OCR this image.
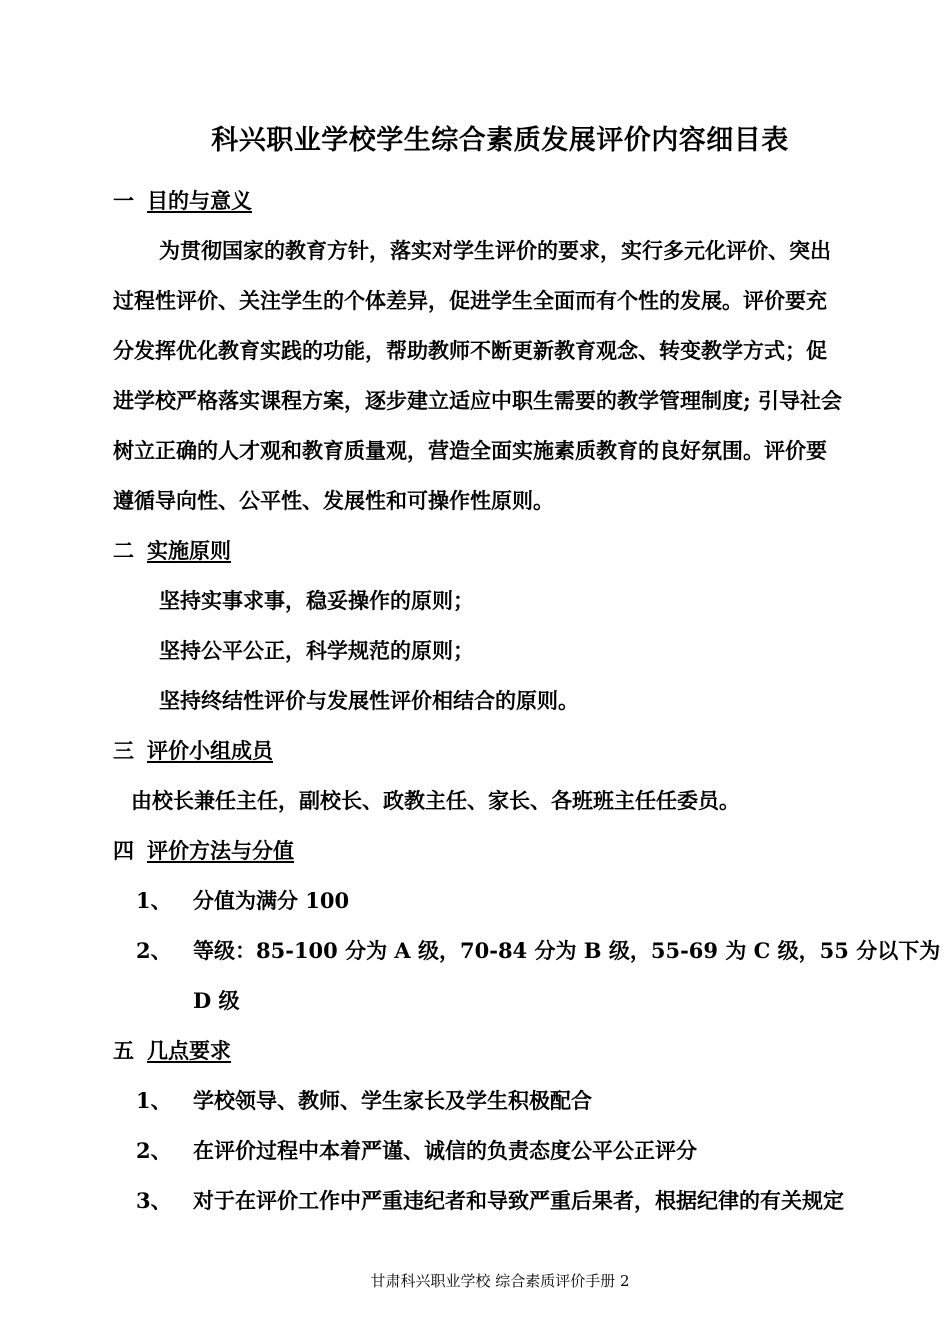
科兴职业学校学生综合素质发展评价内容细目表
一 目的与意义
为贯彻国家的教育方针，落实对学生评价的要求，实行多元化评价、突出
过程性评价、关注学生的个体差异，促进学生全面而有个性的发展。评价要充
分发挥优化教育实践的功能，帮助教师不断更新教育观念、转变教学方式；促
进学校严格落实课程方案，逐步建立适应中职生需要的教学管理制度; 引导社会
树立正确的人才观和教育质量观，营造全面实施素质教育的良好氛围。评价要
遵循导向性、公平性、发展性和可操作性原则。
二 实施原则
坚持实事求事，稳妥操作的原则；
坚持公平公正，科学规范的原则；
坚持终结性评价与发展性评价相结合的原则。
三 评价小组成员
由校长兼任主任，副校长、政教主任、家长、各班班主任任委员。
四 评价方法与分值
1、 分值为满分 100
2、 等级：85-100 分为 A 级，70-84 分为 B 级，55-69 为 C 级，55 分以下为
D 级
五 几点要求
1、 学校领导、教师、学生家长及学生积极配合
2、 在评价过程中本着严谨、诚信的负责态度公平公正评分
3、 对于在评价工作中严重违纪者和导致严重后果者，根据纪律的有关规定
甘肃科兴职业学校 综合素质评价手册 2
